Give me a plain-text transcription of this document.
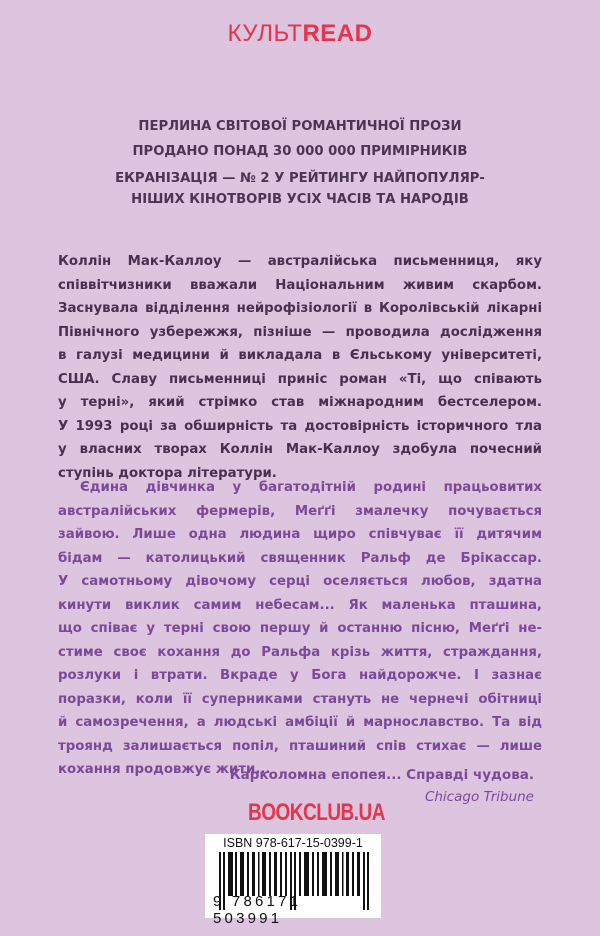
КУЛЬТREAD
ПЕРЛИНА СВІТОВОЇ РОМАНТИЧНОЇ ПРОЗИ
ПРОДАНО ПОНАД 30 000 000 ПРИМІРНИКІВ
ЕКРАНІЗАЦІЯ — № 2 У РЕЙТИНГУ НАЙПОПУЛЯР-
НІШИХ КІНОТВОРІВ УСІХ ЧАСІВ ТА НАРОДІВ
Коллін Мак-Каллоу — австралійська письменниця, яку
співвітчизники вважали Національним живим скарбом.
Заснувала відділення нейрофізіології в Королівській лікарні
Північного узбережжя, пізніше — проводила дослідження
в галузі медицини й викладала в Єльському університеті,
США. Славу письменниці приніс роман «Ті, що співають
у терні», який стрімко став міжнародним бестселером.
У 1993 році за обширність та достовірність історичного тла
у власних творах Коллін Мак-Каллоу здобула почесний
ступінь доктора літератури.
Єдина дівчинка у багатодітній родині працьовитих
австралійських фермерів, Меґґі змалечку почувається
зайвою. Лише одна людина щиро співчуває її дитячим
бідам — католицький священник Ральф де Брікассар.
У самотньому дівочому серці оселяється любов, здатна
кинути виклик самим небесам... Як маленька пташина,
що співає у терні свою першу й останню пісню, Меґґі не-
стиме своє кохання до Ральфа крізь життя, страждання,
розлуки і втрати. Вкраде у Бога найдорожче. І зазнає
поразки, коли її суперниками стануть не чернечі обітниці
й самозречення, а людські амбіції й марнославство. Та від
троянд залишається попіл, пташиний спів стихає — лише
кохання продовжує жити...
Карколомна епопея... Справді чудова.
Chicago Tribune
BOOKCLUB.UA
ISBN 978-617-15-0399-1
9 786171 503991
